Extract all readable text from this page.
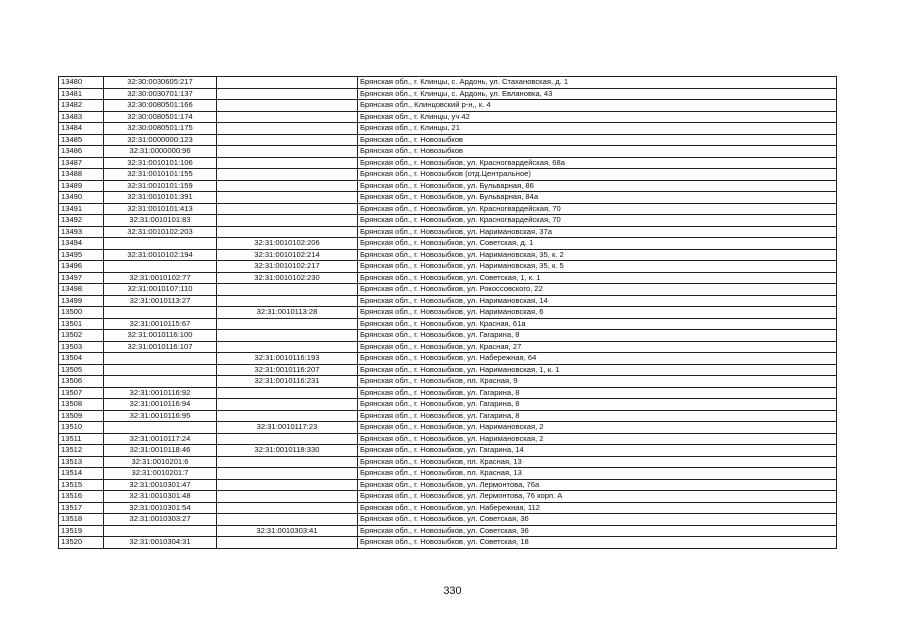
13480	32:30:0030605:217		Брянская обл., г. Клинцы, с. Ардонь, ул. Стахановская, д. 1
13481	32:30:0030701:137		Брянская обл., г. Клинцы, с. Ардонь, ул. Евлановка, 43
13482	32:30:0080501:166		Брянская обл., Клинцовский р-н,, к. 4
13483	32:30:0080501:174		Брянская обл., г. Клинцы, уч 42
13484	32:30:0080501:175		Брянская обл., г. Клинцы, 21
13485	32:31:0000000:123		Брянская обл., г. Новозыбков
13486	32:31:0000000:96		Брянская обл., г. Новозыбков
13487	32:31:0010101:106		Брянская обл., г. Новозыбков, ул. Красногвардейская, 68а
13488	32:31:0010101:155		Брянская обл., г. Новозыбков (отд.Центральное)
13489	32:31:0010101:159		Брянская обл., г. Новозыбков, ул. Бульварная, 86
13490	32:31:0010101:391		Брянская обл., г. Новозыбков, ул. Бульварная, 84а
13491	32:31:0010101:413		Брянская обл., г. Новозыбков, ул. Красногвардейская, 70
13492	32:31:0010101:83		Брянская обл., г. Новозыбков, ул. Красногвардейская, 70
13493	32:31:0010102:203		Брянская обл., г. Новозыбков, ул. Наримановская, 37а
13494		32:31:0010102:206	Брянская обл., г. Новозыбков, ул. Советская, д. 1
13495	32:31:0010102:194	32:31:0010102:214	Брянская обл., г. Новозыбков, ул. Наримановская, 35, к. 2
13496		32:31:0010102:217	Брянская обл., г. Новозыбков, ул. Наримановская, 35, к. 5
13497	32:31:0010102:77	32:31:0010102:230	Брянская обл., г. Новозыбков, ул. Советская, 1, к. 1
13498	32:31:0010107:110		Брянская обл., г. Новозыбков, ул. Рокоссовского, 22
13499	32:31:0010113:27		Брянская обл., г. Новозыбков, ул. Наримановская, 14
13500		32:31:0010113:28	Брянская обл., г. Новозыбков, ул. Наримановская, 6
13501	32:31:0010115:67		Брянская обл., г. Новозыбков, ул. Красная, 61а
13502	32:31:0010116:100		Брянская обл., г. Новозыбков, ул. Гагарина, 8
13503	32:31:0010116:107		Брянская обл., г. Новозыбков, ул. Красная, 27
13504		32:31:0010116:193	Брянская обл., г. Новозыбков, ул. Набережная, 64
13505		32:31:0010116:207	Брянская обл., г. Новозыбков, ул. Наримановская, 1, к. 1
13506		32:31:0010116:231	Брянская обл., г. Новозыбков, пл. Красная, 9
13507	32:31:0010116:92		Брянская обл., г. Новозыбков, ул. Гагарина, 8
13508	32:31:0010116:94		Брянская обл., г. Новозыбков, ул. Гагарина, 8
13509	32:31:0010116:95		Брянская обл., г. Новозыбков, ул. Гагарина, 8
13510		32:31:0010117:23	Брянская обл., г. Новозыбков, ул. Наримановская, 2
13511	32:31:0010117:24		Брянская обл., г. Новозыбков, ул. Наримановская, 2
13512	32:31:0010118:46	32:31:0010118:330	Брянская обл., г. Новозыбков, ул. Гагарина, 14
13513	32:31:0010201:6		Брянская обл., г. Новозыбков, пл. Красная, 13
13514	32:31:0010201:7		Брянская обл., г. Новозыбков, пл. Красная, 13
13515	32:31:0010301:47		Брянская обл., г. Новозыбков, ул. Лермонтова, 76а
13516	32:31:0010301:48		Брянская обл., г. Новозыбков, ул. Лермонтова, 76 корп. А
13517	32:31:0010301:54		Брянская обл., г. Новозыбков, ул. Набережная, 112
13518	32:31:0010303:27		Брянская обл., г. Новозыбков, ул. Советская, 36
13519		32:31:0010303:41	Брянская обл., г. Новозыбков, ул. Советская, 36
13520	32:31:0010304:31		Брянская обл., г. Новозыбков, ул. Советская, 18
330
